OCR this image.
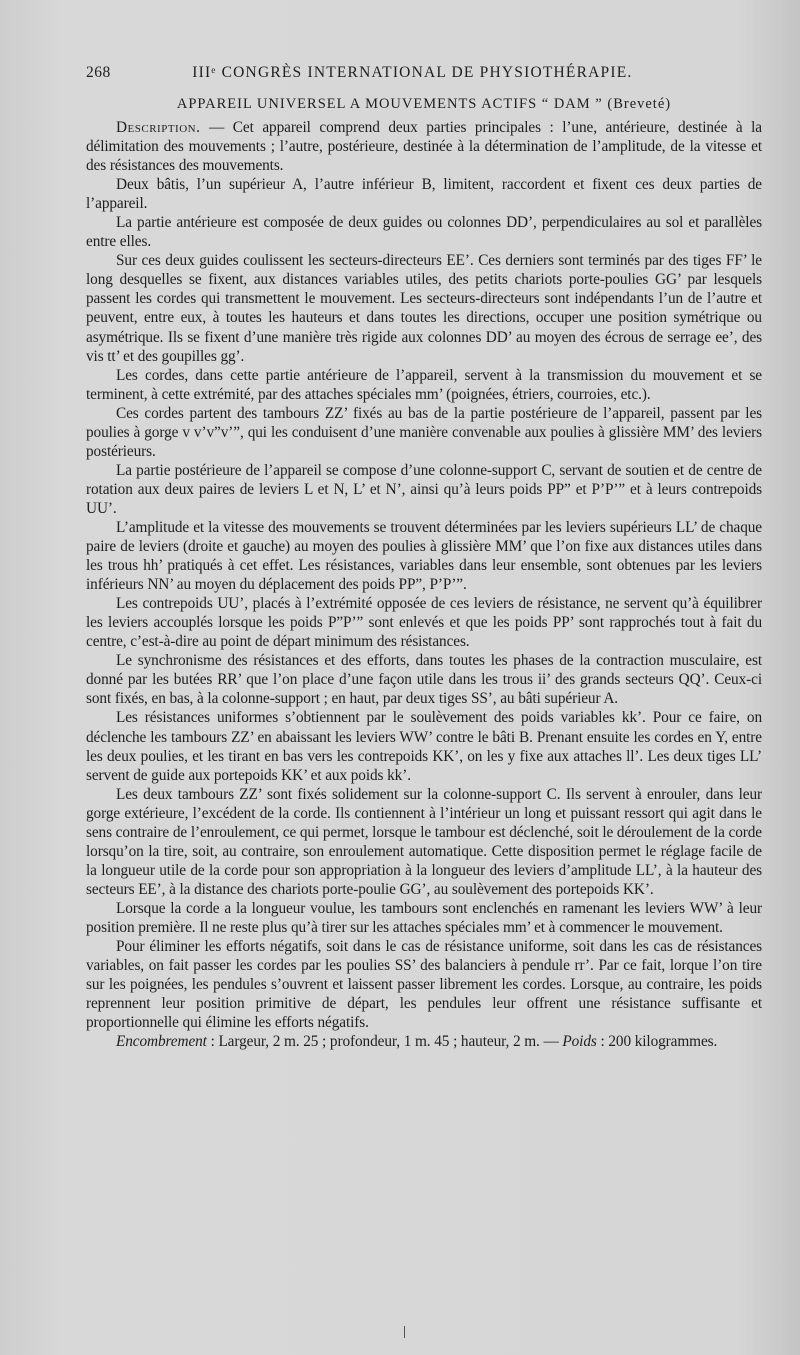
268	IIIᵉ CONGRÈS INTERNATIONAL DE PHYSIOTHÉRAPIE.
APPAREIL UNIVERSEL A MOUVEMENTS ACTIFS “ DAM ” (Breveté)

Description. — Cet appareil comprend deux parties principales : l’une, antérieure, destinée à la délimitation des mouvements ; l’autre, postérieure, destinée à la détermination de l’amplitude, de la vitesse et des résistances des mouvements.

Deux bâtis, l’un supérieur A, l’autre inférieur B, limitent, raccordent et fixent ces deux parties de l’appareil.

La partie antérieure est composée de deux guides ou colonnes DD’, perpendiculaires au sol et parallèles entre elles.

Sur ces deux guides coulissent les secteurs-directeurs EE’. Ces derniers sont terminés par des tiges FF’ le long desquelles se fixent, aux distances variables utiles, des petits chariots porte-poulies GG’ par lesquels passent les cordes qui transmettent le mouvement. Les secteurs-directeurs sont indépendants l’un de l’autre et peuvent, entre eux, à toutes les hauteurs et dans toutes les directions, occuper une position symétrique ou asymétrique. Ils se fixent d’une manière très rigide aux colonnes DD’ au moyen des écrous de serrage ee’, des vis tt’ et des goupilles gg’.

Les cordes, dans cette partie antérieure de l’appareil, servent à la transmission du mouvement et se terminent, à cette extrémité, par des attaches spéciales mm’ (poignées, étriers, courroies, etc.).

Ces cordes partent des tambours ZZ’ fixés au bas de la partie postérieure de l’appareil, passent par les poulies à gorge v v’v”v’”, qui les conduisent d’une manière convenable aux poulies à glissière MM’ des leviers postérieurs.

La partie postérieure de l’appareil se compose d’une colonne-support C, servant de soutien et de centre de rotation aux deux paires de leviers L et N, L’ et N’, ainsi qu’à leurs poids PP” et P’P’” et à leurs contrepoids UU’.

L’amplitude et la vitesse des mouvements se trouvent déterminées par les leviers supérieurs LL’ de chaque paire de leviers (droite et gauche) au moyen des poulies à glissière MM’ que l’on fixe aux distances utiles dans les trous hh’ pratiqués à cet effet. Les résistances, variables dans leur ensemble, sont obtenues par les leviers inférieurs NN’ au moyen du déplacement des poids PP”, P’P’”.

Les contrepoids UU’, placés à l’extrémité opposée de ces leviers de résistance, ne servent qu’à équilibrer les leviers accouplés lorsque les poids P”P’” sont enlevés et que les poids PP’ sont rapprochés tout à fait du centre, c’est-à-dire au point de départ minimum des résistances.

Le synchronisme des résistances et des efforts, dans toutes les phases de la contraction musculaire, est donné par les butées RR’ que l’on place d’une façon utile dans les trous ii’ des grands secteurs QQ’. Ceux-ci sont fixés, en bas, à la colonne-support ; en haut, par deux tiges SS’, au bâti supérieur A.

Les résistances uniformes s’obtiennent par le soulèvement des poids variables kk’. Pour ce faire, on déclenche les tambours ZZ’ en abaissant les leviers WW’ contre le bâti B. Prenant ensuite les cordes en Y, entre les deux poulies, et les tirant en bas vers les contrepoids KK’, on les y fixe aux attaches ll’. Les deux tiges LL’ servent de guide aux portepoids KK’ et aux poids kk’.

Les deux tambours ZZ’ sont fixés solidement sur la colonne-support C. Ils servent à enrouler, dans leur gorge extérieure, l’excédent de la corde. Ils contiennent à l’intérieur un long et puissant ressort qui agit dans le sens contraire de l’enroulement, ce qui permet, lorsque le tambour est déclenché, soit le déroulement de la corde lorsqu’on la tire, soit, au contraire, son enroulement automatique. Cette disposition permet le réglage facile de la longueur utile de la corde pour son appropriation à la longueur des leviers d’amplitude LL’, à la hauteur des secteurs EE’, à la distance des chariots porte-poulie GG’, au soulèvement des portepoids KK’.

Lorsque la corde a la longueur voulue, les tambours sont enclenchés en ramenant les leviers WW’ à leur position première. Il ne reste plus qu’à tirer sur les attaches spéciales mm’ et à commencer le mouvement.

Pour éliminer les efforts négatifs, soit dans le cas de résistance uniforme, soit dans les cas de résistances variables, on fait passer les cordes par les poulies SS’ des balanciers à pendule rr’. Par ce fait, lorque l’on tire sur les poignées, les pendules s’ouvrent et laissent passer librement les cordes. Lorsque, au contraire, les poids reprennent leur position primitive de départ, les pendules leur offrent une résistance suffisante et proportionnelle qui élimine les efforts négatifs.

Encombrement : Largeur, 2 m. 25 ; profondeur, 1 m. 45 ; hauteur, 2 m. — Poids : 200 kilogrammes.
